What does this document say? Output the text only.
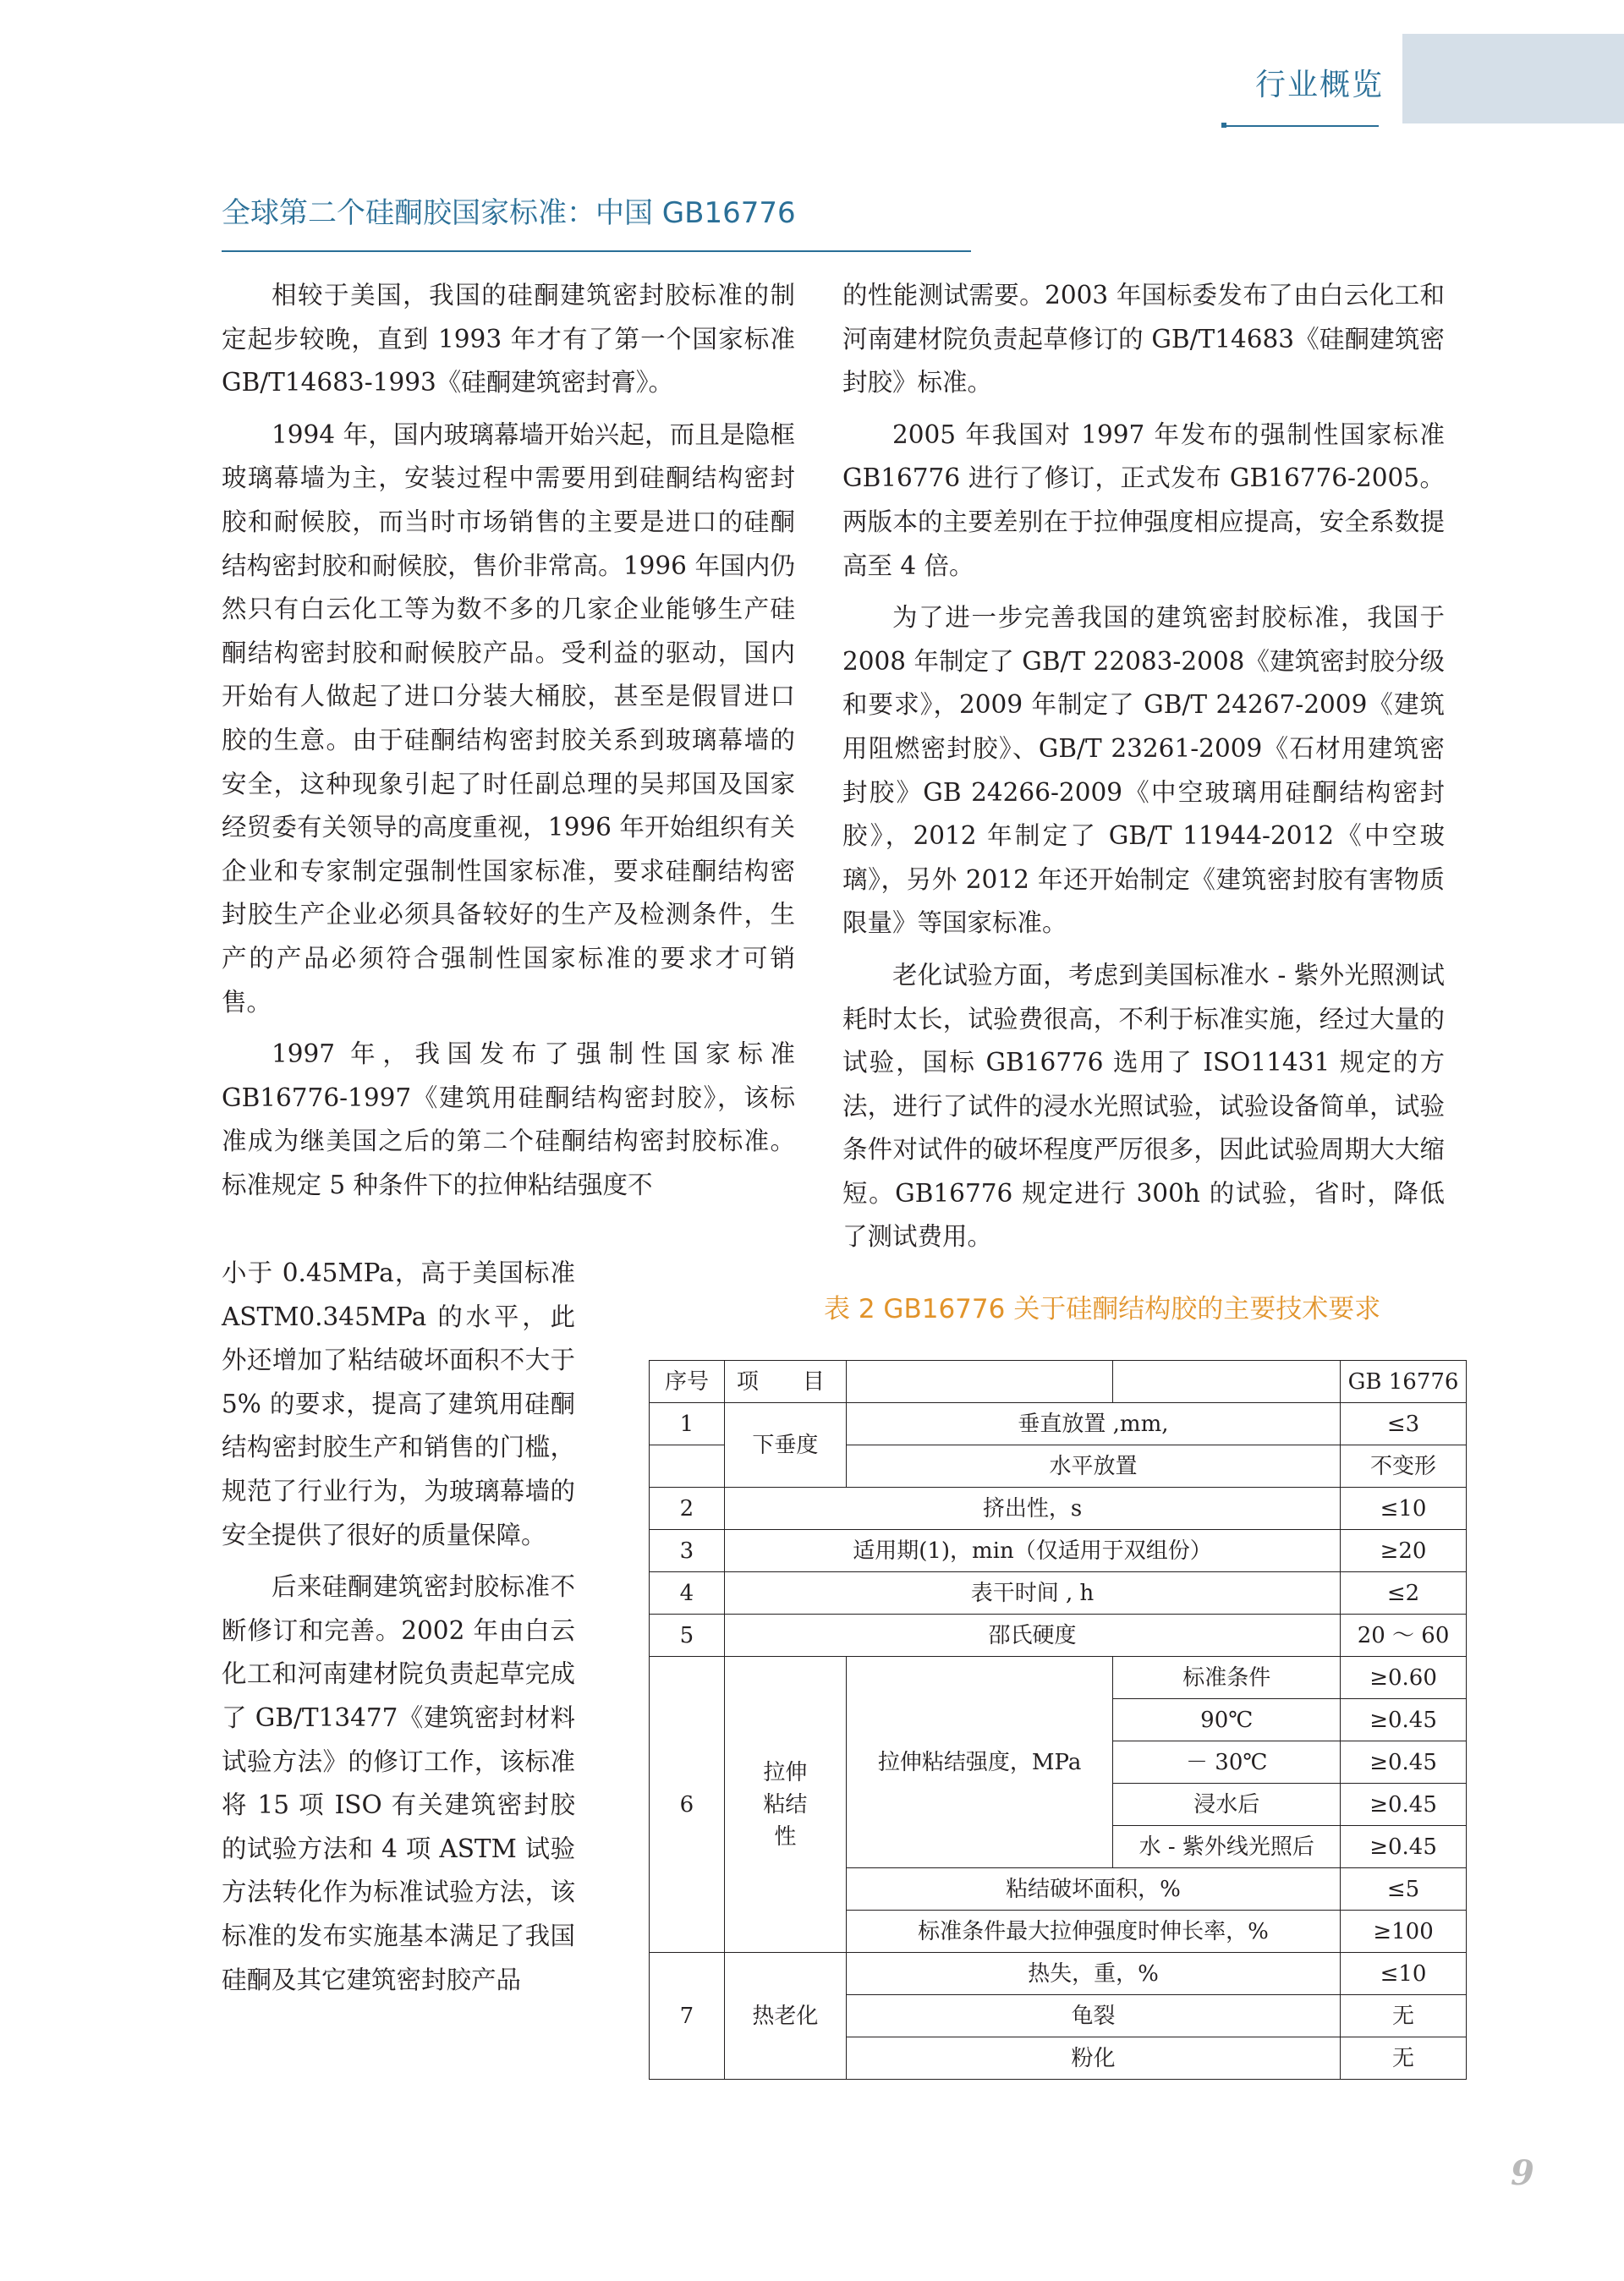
行业概览
全球第二个硅酮胶国家标准：中国 GB16776

相较于美国，我国的硅酮建筑密封胶标准的制定起步较晚，直到 1993 年才有了第一个国家标准 GB/T14683-1993《硅酮建筑密封膏》。

1994 年，国内玻璃幕墙开始兴起，而且是隐框玻璃幕墙为主，安装过程中需要用到硅酮结构密封胶和耐候胶，而当时市场销售的主要是进口的硅酮结构密封胶和耐候胶，售价非常高。1996 年国内仍然只有白云化工等为数不多的几家企业能够生产硅酮结构密封胶和耐候胶产品。受利益的驱动，国内开始有人做起了进口分装大桶胶，甚至是假冒进口胶的生意。由于硅酮结构密封胶关系到玻璃幕墙的安全，这种现象引起了时任副总理的吴邦国及国家经贸委有关领导的高度重视，1996 年开始组织有关企业和专家制定强制性国家标准，要求硅酮结构密封胶生产企业必须具备较好的生产及检测条件，生产的产品必须符合强制性国家标准的要求才可销售。

1997 年，我国发布了强制性国家标准 GB16776-1997《建筑用硅酮结构密封胶》，该标准成为继美国之后的第二个硅酮结构密封胶标准。标准规定 5 种条件下的拉伸粘结强度不

小于 0.45MPa，高于美国标准 ASTM0.345MPa 的水平，此外还增加了粘结破坏面积不大于 5% 的要求，提高了建筑用硅酮结构密封胶生产和销售的门槛，规范了行业行为，为玻璃幕墙的安全提供了很好的质量保障。

后来硅酮建筑密封胶标准不断修订和完善。2002 年由白云化工和河南建材院负责起草完成了 GB/T13477《建筑密封材料试验方法》的修订工作，该标准将 15 项 ISO 有关建筑密封胶的试验方法和 4 项 ASTM 试验方法转化作为标准试验方法，该标准的发布实施基本满足了我国硅酮及其它建筑密封胶产品

的性能测试需要。2003 年国标委发布了由白云化工和河南建材院负责起草修订的 GB/T14683《硅酮建筑密封胶》标准。

2005 年我国对 1997 年发布的强制性国家标准 GB16776 进行了修订，正式发布 GB16776-2005。两版本的主要差别在于拉伸强度相应提高，安全系数提高至 4 倍。

为了进一步完善我国的建筑密封胶标准，我国于 2008 年制定了 GB/T 22083-2008《建筑密封胶分级和要求》，2009 年制定了 GB/T 24267-2009《建筑用阻燃密封胶》、GB/T 23261-2009《石材用建筑密封胶》GB 24266-2009《中空玻璃用硅酮结构密封胶》，2012 年制定了 GB/T 11944-2012《中空玻璃》，另外 2012 年还开始制定《建筑密封胶有害物质限量》等国家标准。

老化试验方面，考虑到美国标准水 - 紫外光照测试耗时太长，试验费很高，不利于标准实施，经过大量的试验，国标 GB16776 选用了 ISO11431 规定的方法，进行了试件的浸水光照试验，试验设备简单，试验条件对试件的破坏程度严厉很多，因此试验周期大大缩短。GB16776 规定进行 300h 的试验，省时，降低了测试费用。

表 2 GB16776 关于硅酮结构胶的主要技术要求
序号	项　　目			GB 16776
1	下垂度	垂直放置 ,mm,		≤3
		水平放置		不变形
2	挤出性，s			≤10
3	适用期(1)，min（仅适用于双组份）			≥20
4	表干时间 , h			≤2
5	邵氏硬度			20 ～ 60
6	拉伸粘结性	拉伸粘结强度，MPa	标准条件	≥0.60
			90℃	≥0.45
			－ 30℃	≥0.45
			浸水后	≥0.45
			水 - 紫外线光照后	≥0.45
		粘结破坏面积，%		≤5
		标准条件最大拉伸强度时伸长率，%		≥100
7	热老化	热失，重，%		≤10
		龟裂		无
		粉化		无
9
